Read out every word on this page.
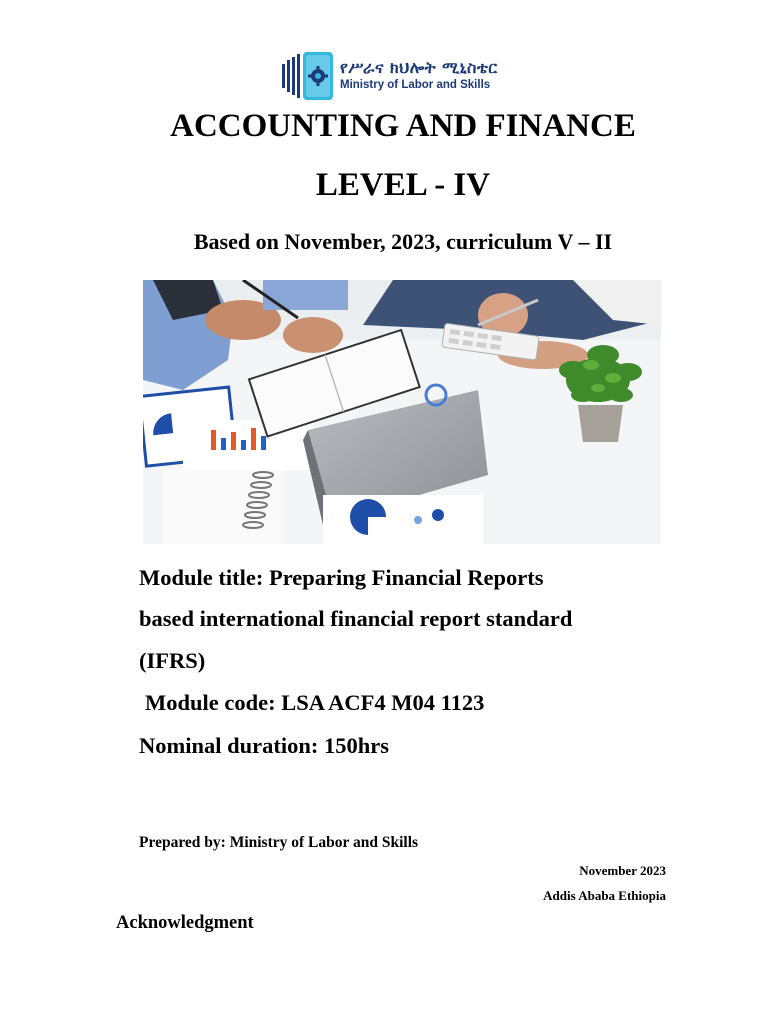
የሥራና ክህሎት ሚኒስቴር
Ministry of Labor and Skills
ACCOUNTING AND FINANCE
LEVEL - IV
Based on November, 2023, curriculum V – II
Module title: Preparing Financial Reports
based international financial report standard
(IFRS)
Module code: LSA ACF4 M04 1123
Nominal duration: 150hrs
Prepared by: Ministry of Labor and Skills
November 2023
Addis Ababa Ethiopia
Acknowledgment
